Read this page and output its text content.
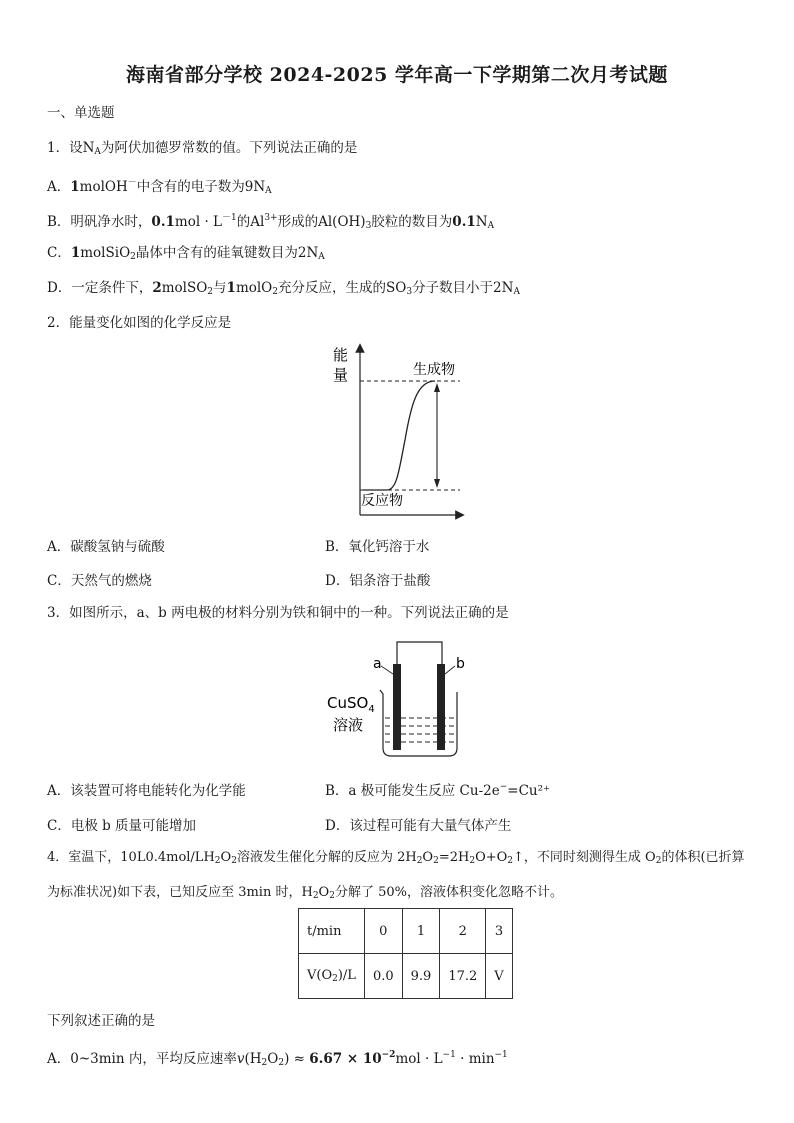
海南省部分学校 2024-2025 学年高一下学期第二次月考试题
一、单选题
1．设$N_A$为阿伏加德罗常数的值。下列说法正确的是
A．1molOH－中含有的电子数为$9N_A$
B．明矾净水时，$0.1mol \cdot L^{-1}$的$Al^{3+}$形成的$Al(OH)_3$胶粒的数目为$0.1N_A$
C．1molSiO$_2$晶体中含有的硅氧键数目为$2N_A$
D．一定条件下，2molSO$_2$与1molO$_2$充分反应，生成的$SO_3$分子数目小于$2N_A$
2．能量变化如图的化学反应是
能
量	生成物
反应物
A．碳酸氢钠与硫酸	B．氧化钙溶于水
C．天然气的燃烧	D．铝条溶于盐酸
3．如图所示，a、b 两电极的材料分别为铁和铜中的一种。下列说法正确的是
a	b
CuSO$_4$
溶液
A．该装置可将电能转化为化学能	B．a 极可能发生反应 Cu-2e−=Cu²⁺
C．电极 b 质量可能增加	D．该过程可能有大量气体产生
4．室温下，$10L0.4mol/LH_2O_2$溶液发生催化分解的反应为 $2H_2O_2=2H_2O+O_2↑$，不同时刻测得生成 $O_2$的体积(已折算
为标准状况)如下表，已知反应至 3min 时，$H_2O_2$分解了 50%，溶液体积变化忽略不计。
t/min	0	1	2	3
$V(O_2)/L$	0.0	9.9	17.2	V
下列叙述正确的是
A．0~3min 内，平均反应速率$v(H_2O_2) \approx 6.67 \times 10^{-2}mol \cdot L^{-1} \cdot \min^{-1}$
